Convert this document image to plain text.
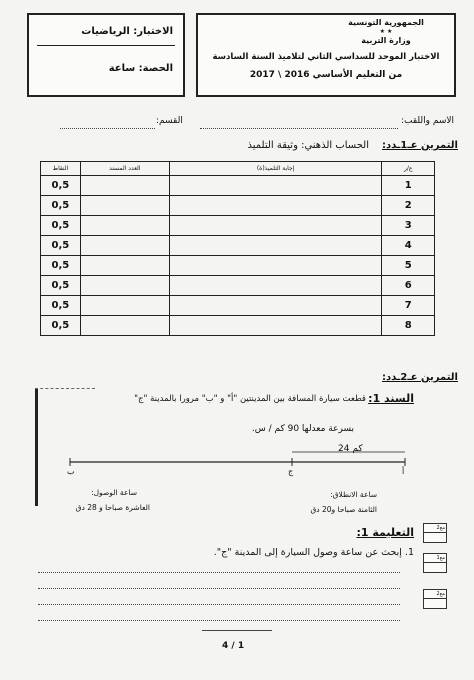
الاختبار: الرياضيات
الحصة: ساعة
الجمهورية التونسية
★ ★
وزارة التربية
الاختبار الموحد للسداسي الثاني لتلاميذ السنة السادسة
من التعليم الأساسي 2016 \ 2017
الاسم واللقب:
القسم:
التمرين عـ1ـدد:
الحساب الذهني: وثيقة التلميذ
ع/ر	إجابة التلميذ(ة)	العدد المسند	النقاط
1			0,5
2			0,5
3			0,5
4			0,5
5			0,5
6			0,5
7			0,5
8			0,5
التمرين عـ2ـدد:
السند 1:
قطعت سيارة المسافة بين المدينتين "أ" و "ب" مرورا بالمدينة "ج"
بسرعة معدلها 90 كم / س.
24 كم
ب	ج	أ
ساعة الوصول:
العاشرة صباحا و 28 دق
ساعة الانطلاق:
الثامنة صباحا و20 دق
التعليمة 1:
1. إبحث عن ساعة وصول السيارة إلى المدينة "ج".
2مع
1مع
2مع
4 / 1
